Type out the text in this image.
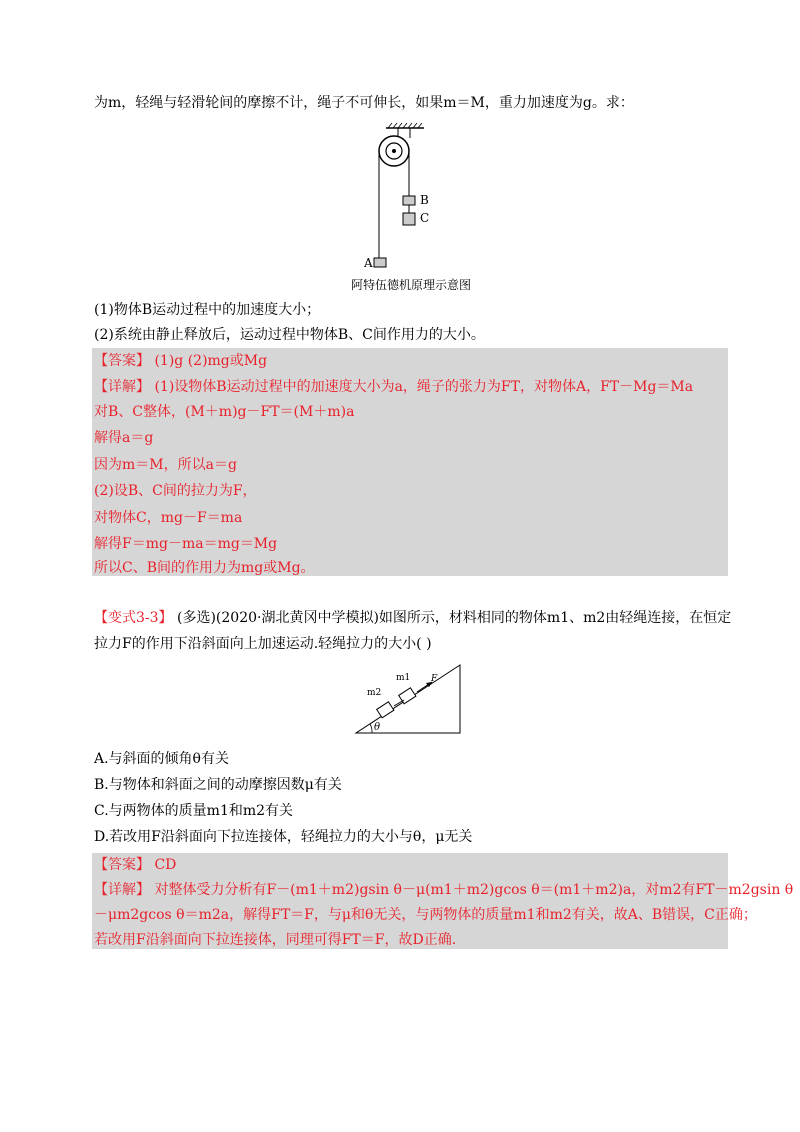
为m，轻绳与轻滑轮间的摩擦不计，绳子不可伸长，如果m＝M，重力加速度为g。求：
B
C
A
阿特伍德机原理示意图
(1)物体B运动过程中的加速度大小；
(2)系统由静止释放后，运动过程中物体B、C间作用力的大小。
【答案】 (1)g (2)mg或Mg
【详解】 (1)设物体B运动过程中的加速度大小为a，绳子的张力为FT，对物体A，FT－Mg＝Ma
对B、C整体，(M＋m)g－FT＝(M＋m)a
解得a＝g
因为m＝M，所以a＝g
(2)设B、C间的拉力为F，
对物体C，mg－F＝ma
解得F＝mg－ma＝mg＝Mg
所以C、B间的作用力为mg或Mg。
【变式3-3】 (多选)(2020·湖北黄冈中学模拟)如图所示，材料相同的物体m1、m2由轻绳连接，在恒定
拉力F的作用下沿斜面向上加速运动.轻绳拉力的大小( )
m2
m1 F
θ
A.与斜面的倾角θ有关
B.与物体和斜面之间的动摩擦因数μ有关
C.与两物体的质量m1和m2有关
D.若改用F沿斜面向下拉连接体，轻绳拉力的大小与θ，μ无关
【答案】 CD
【详解】 对整体受力分析有F－(m1＋m2)gsin θ－μ(m1＋m2)gcos θ＝(m1＋m2)a，对m2有FT－m2gsin θ
－μm2gcos θ＝m2a，解得FT＝F，与μ和θ无关，与两物体的质量m1和m2有关，故A、B错误，C正确；
若改用F沿斜面向下拉连接体，同理可得FT＝F，故D正确.
